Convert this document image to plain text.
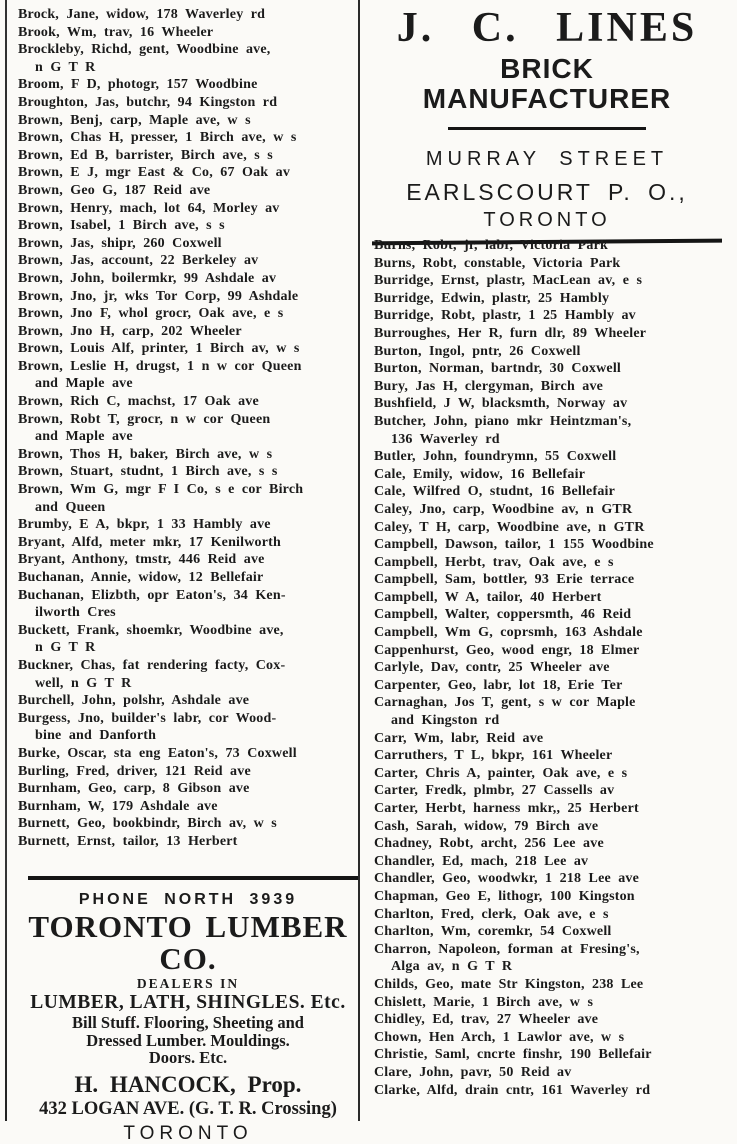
Brock, Jane, widow, 178 Waverley rd
Brook, Wm, trav, 16 Wheeler
Brockleby, Richd, gent, Woodbine ave,
n G T R
Broom, F D, photogr, 157 Woodbine
Broughton, Jas, butchr, 94 Kingston rd
Brown, Benj, carp, Maple ave, w s
Brown, Chas H, presser, 1 Birch ave, w s
Brown, Ed B, barrister, Birch ave, s s
Brown, E J, mgr East & Co, 67 Oak av
Brown, Geo G, 187 Reid ave
Brown, Henry, mach, lot 64, Morley av
Brown, Isabel, 1 Birch ave, s s
Brown, Jas, shipr, 260 Coxwell
Brown, Jas, account, 22 Berkeley av
Brown, John, boilermkr, 99 Ashdale av
Brown, Jno, jr, wks Tor Corp, 99 Ashdale
Brown, Jno F, whol grocr, Oak ave, e s
Brown, Jno H, carp, 202 Wheeler
Brown, Louis Alf, printer, 1 Birch av, w s
Brown, Leslie H, drugst, 1 n w cor Queen
and Maple ave
Brown, Rich C, machst, 17 Oak ave
Brown, Robt T, grocr, n w cor Queen
and Maple ave
Brown, Thos H, baker, Birch ave, w s
Brown, Stuart, studnt, 1 Birch ave, s s
Brown, Wm G, mgr F I Co, s e cor Birch
and Queen
Brumby, E A, bkpr, 1 33 Hambly ave
Bryant, Alfd, meter mkr, 17 Kenilworth
Bryant, Anthony, tmstr, 446 Reid ave
Buchanan, Annie, widow, 12 Bellefair
Buchanan, Elizbth, opr Eaton's, 34 Ken-
ilworth Cres
Buckett, Frank, shoemkr, Woodbine ave,
n G T R
Buckner, Chas, fat rendering facty, Cox-
well, n G T R
Burchell, John, polshr, Ashdale ave
Burgess, Jno, builder's labr, cor Wood-
bine and Danforth
Burke, Oscar, sta eng Eaton's, 73 Coxwell
Burling, Fred, driver, 121 Reid ave
Burnham, Geo, carp, 8 Gibson ave
Burnham, W, 179 Ashdale ave
Burnett, Geo, bookbindr, Birch av, w s
Burnett, Ernst, tailor, 13 Herbert
PHONE NORTH 3939
TORONTO LUMBER CO.
DEALERS IN
LUMBER, LATH, SHINGLES. Etc.
Bill Stuff. Flooring, Sheeting and
Dressed Lumber. Mouldings.
Doors. Etc.
H. HANCOCK, Prop.
432 LOGAN AVE. (G. T. R. Crossing)
TORONTO
J. C. LINES
BRICK MANUFACTURER
MURRAY STREET
EARLSCOURT P. O.,
TORONTO
Burns, Robt, jr, labr, Victoria Park
Burns, Robt, constable, Victoria Park
Burridge, Ernst, plastr, MacLean av, e s
Burridge, Edwin, plastr, 25 Hambly
Burridge, Robt, plastr, 1 25 Hambly av
Burroughes, Her R, furn dlr, 89 Wheeler
Burton, Ingol, pntr, 26 Coxwell
Burton, Norman, bartndr, 30 Coxwell
Bury, Jas H, clergyman, Birch ave
Bushfield, J W, blacksmth, Norway av
Butcher, John, piano mkr Heintzman's,
136 Waverley rd
Butler, John, foundrymn, 55 Coxwell
Cale, Emily, widow, 16 Bellefair
Cale, Wilfred O, studnt, 16 Bellefair
Caley, Jno, carp, Woodbine av, n GTR
Caley, T H, carp, Woodbine ave, n GTR
Campbell, Dawson, tailor, 1 155 Woodbine
Campbell, Herbt, trav, Oak ave, e s
Campbell, Sam, bottler, 93 Erie terrace
Campbell, W A, tailor, 40 Herbert
Campbell, Walter, coppersmth, 46 Reid
Campbell, Wm G, coprsmh, 163 Ashdale
Cappenhurst, Geo, wood engr, 18 Elmer
Carlyle, Dav, contr, 25 Wheeler ave
Carpenter, Geo, labr, lot 18, Erie Ter
Carnaghan, Jos T, gent, s w cor Maple
and Kingston rd
Carr, Wm, labr, Reid ave
Carruthers, T L, bkpr, 161 Wheeler
Carter, Chris A, painter, Oak ave, e s
Carter, Fredk, plmbr, 27 Cassells av
Carter, Herbt, harness mkr,, 25 Herbert
Cash, Sarah, widow, 79 Birch ave
Chadney, Robt, archt, 256 Lee ave
Chandler, Ed, mach, 218 Lee av
Chandler, Geo, woodwkr, 1 218 Lee ave
Chapman, Geo E, lithogr, 100 Kingston
Charlton, Fred, clerk, Oak ave, e s
Charlton, Wm, coremkr, 54 Coxwell
Charron, Napoleon, forman at Fresing's,
Alga av, n G T R
Childs, Geo, mate Str Kingston, 238 Lee
Chislett, Marie, 1 Birch ave, w s
Chidley, Ed, trav, 27 Wheeler ave
Chown, Hen Arch, 1 Lawlor ave, w s
Christie, Saml, cncrte finshr, 190 Bellefair
Clare, John, pavr, 50 Reid av
Clarke, Alfd, drain cntr, 161 Waverley rd
